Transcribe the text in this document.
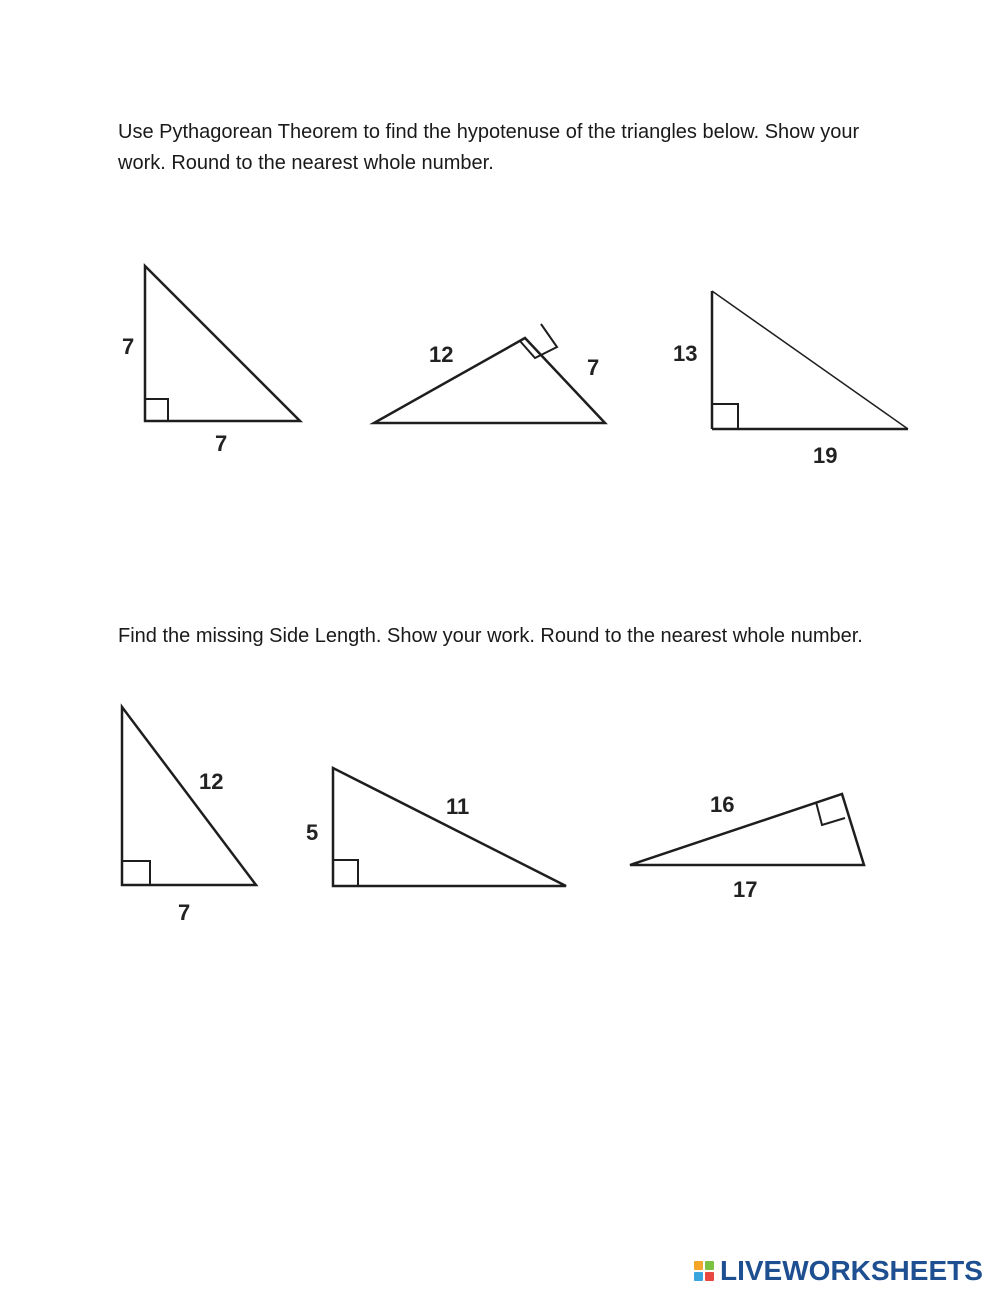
Use Pythagorean Theorem to find the hypotenuse of the triangles below. Show your work. Round to the nearest whole number.

Find the missing Side Length. Show your work. Round to the nearest whole number.

7
7
12
7
13
19
12
7
5
11	16
17
LIVEWORKSHEETS
